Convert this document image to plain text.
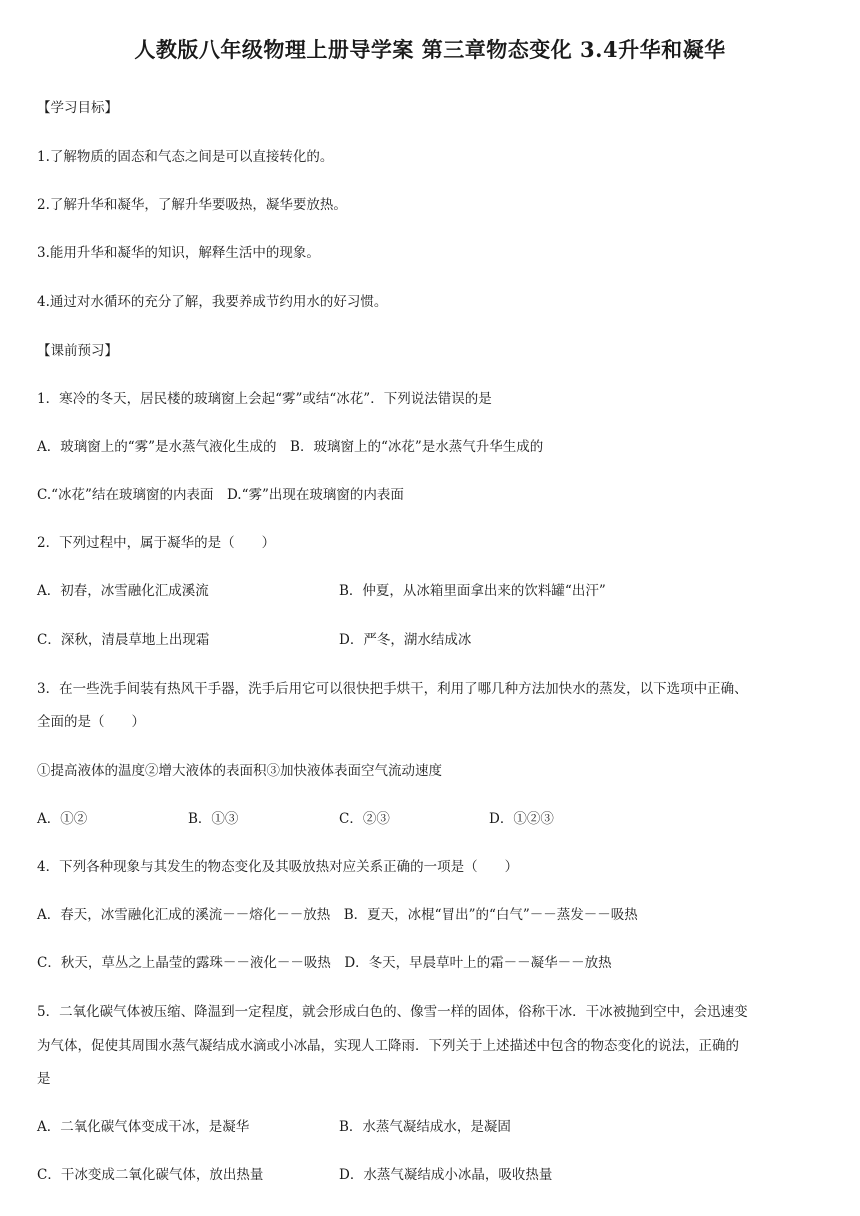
人教版八年级物理上册导学案 第三章物态变化 3.4升华和凝华
【学习目标】
1.了解物质的固态和气态之间是可以直接转化的。
2.了解升华和凝华，了解升华要吸热，凝华要放热。
3.能用升华和凝华的知识，解释生活中的现象。
4.通过对水循环的充分了解，我要养成节约用水的好习惯。
【课前预习】
1．寒冷的冬天，居民楼的玻璃窗上会起“雾”或结“冰花”．下列说法错误的是
A．玻璃窗上的“雾”是水蒸气液化生成的　B．玻璃窗上的“冰花”是水蒸气升华生成的
C.“冰花”结在玻璃窗的内表面　D.“雾”出现在玻璃窗的内表面
2．下列过程中，属于凝华的是（　　）
A．初春，冰雪融化汇成溪流	B．仲夏，从冰箱里面拿出来的饮料罐“出汗”
C．深秋，清晨草地上出现霜	D．严冬，湖水结成冰
3．在一些洗手间装有热风干手器，洗手后用它可以很快把手烘干，利用了哪几种方法加快水的蒸发，以下选项中正确、
全面的是（　　）
①提高液体的温度②增大液体的表面积③加快液体表面空气流动速度
A．①②	B．①③	C．②③	D．①②③
4．下列各种现象与其发生的物态变化及其吸放热对应关系正确的一项是（　　）
A．春天，冰雪融化汇成的溪流－－熔化－－放热　B．夏天，冰棍“冒出”的“白气”－－蒸发－－吸热
C．秋天，草丛之上晶莹的露珠－－液化－－吸热　D．冬天，早晨草叶上的霜－－凝华－－放热
5．二氧化碳气体被压缩、降温到一定程度，就会形成白色的、像雪一样的固体，俗称干冰．干冰被抛到空中，会迅速变
为气体，促使其周围水蒸气凝结成水滴或小冰晶，实现人工降雨．下列关于上述描述中包含的物态变化的说法，正确的
是
A．二氧化碳气体变成干冰，是凝华	B．水蒸气凝结成水，是凝固
C．干冰变成二氧化碳气体，放出热量	D．水蒸气凝结成小冰晶，吸收热量
